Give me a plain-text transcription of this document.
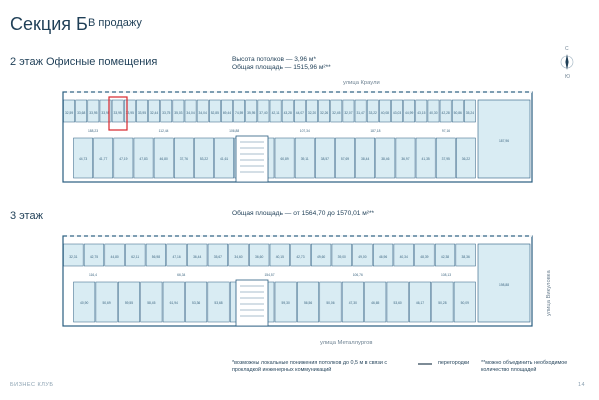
Секция Б В продажу
С
Ю
2 этаж Офисные помещения	Высота потолков — 3,96 м*
Общая площадь — 1515,96 м²**
улица Краули
3 этаж	Общая площадь — от 1564,70 до 1570,01 м²**
улица Металлургов
улица Викуловка
32,59 33,68 33,95 33,95 33,95 33,95 33,95 32,44 33,75 35,03 34,04 34,04 52,85 69,44 74,59 35,95 37,40 42,11 43,28 44,07 32,20 32,26 32,45 32,07 31,47 33,22 40,08 43,03 44,99 43,15 40,30 42,28 50,86 35,24
188,23	112,44	106,88	107,34	187,18	97,16
44,73	41,77	47,19	47,83	46,80	37,76	53,22	41,61	60,89	39,11	38,57	57,69	38,44	38,46	36,97	41,35	37,95	36,22
187,96
32,31	42,75	44,80	62,11	56,98	47,16	36,44	35,67	34,60	36,60	40,15	42,73	49,60	39,00	49,00	46,96	40,34	48,39	42,38	38,36
116,4	66,34	154,57	106,76	108,13
40,90	50,69	59,55	58,45	61,94	53,36	53,68	59,30	56,56	50,06	47,30	46,65	53,60	46,17	50,28	50,09
198,88
*возможны локальные понижения потолков до 0,5 м в связи с прокладкой инженерных коммуникаций
перегородки **можно объединить необходимое количество площадей
БИЗНЕС КЛУБ	14
